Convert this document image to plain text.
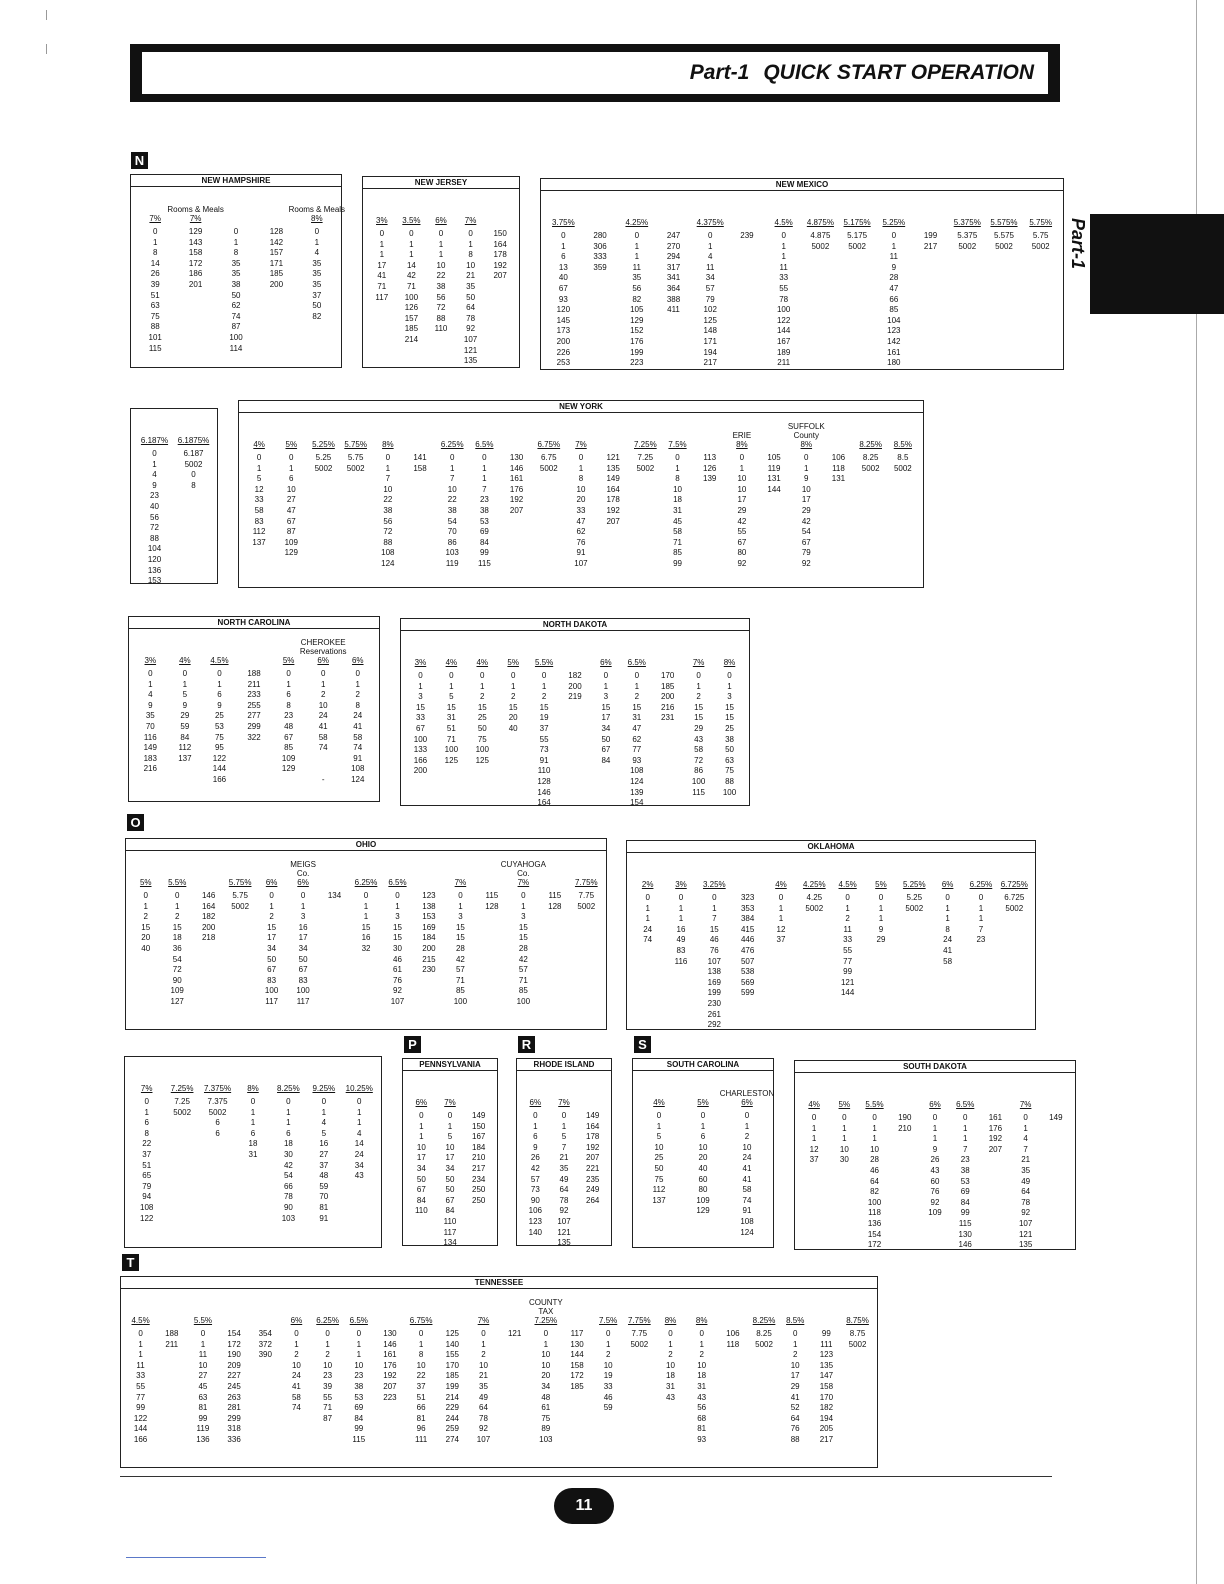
Part-1 QUICK START OPERATION
Part-1
N
O
P	R	S
T
NEW HAMPSHIRE
7%
0
1
8
14
26
39
51
63
75
88
101
115
Rooms & Meals
7%
129
143
158
172
186
201
0
1
8
35
35
38
50
62
74
87
100
114
128
142
157
171
185
200
Rooms & Meals
8%
0
1
4
35
35
35
37
50
82
NEW JERSEY
3%
0
1
1
17
41
71
117
3.5%
0
1
1
14
42
71
100
126
157
185
214
6%
0
1
1
10
22
38
56
72
88
110
7%
0
1
8
10
21
35
50
64
78
92
107
121
135
150
164
178
192
207
NEW MEXICO
3.75%
0
1
6
13
40
67
93
120
145
173
200
226
253
280
306
333
359
4.25%
0
1
1
11
35
56
82
105
129
152
176
199
223
247
270
294
317
341
364
388
411
4.375%
0
1
4
11
34
57
79
102
125
148
171
194
217
239
4.5%
0
1
1
11
33
55
78
100
122
144
167
189
211
4.875%
4.875
5002
5.175%
5.175
5002
5.25%
0
1
11
9
28
47
66
85
104
123
142
161
180
199
217
5.375%
5.375
5002
5.575%
5.575
5002
5.75%
5.75
5002
6.187%
0
1
4
9
23
40
56
72
88
104
120
136
153
6.1875%
6.187
5002
0
8
NEW YORK
4%
0
1
5
12
33
58
83
112
137
5%
0
1
6
10
27
47
67
87
109
129
5.25%
5.25
5002
5.75%
5.75
5002
8%
0
1
7
10
22
38
56
72
88
108
124
141
158
6.25%
0
1
7
10
22
38
54
70
86
103
119
6.5%
0
1
1
7
23
38
53
69
84
99
115
130
146
161
176
192
207
6.75%
6.75
5002
7%
0
1
8
10
20
33
47
62
76
91
107
121
135
149
164
178
192
207
7.25%
7.25
5002
7.5%
0
1
8
10
18
31
45
58
71
85
99
113
126
139
ERIE
8%
0
1
10
10
17
29
42
55
67
80
92
105
119
131
144
SUFFOLK
County
8%
0
1
9
10
17
29
42
54
67
79
92
106
118
131
8.25%
8.25
5002
8.5%
8.5
5002
NORTH CAROLINA
3%
0
1
4
9
35
70
116
149
183
216
4%
0
1
5
9
29
59
84
112
137
4.5%
0
1
6
9
25
53
75
95
122
144
166
188
211
233
255
277
299
322
5%
0
1
6
8
23
48
67
85
109
129
CHEROKEE
Reservations
6%
0
1
2
10
24
41
58
74
-
6%
0
1
2
8
24
41
58
74
91
108
124
NORTH DAKOTA
3%
0
1
3
15
33
67
100
133
166
200
4%
0
1
5
15
31
51
71
100
125
4%
0
1
2
15
25
50
75
100
125
5%
0
1
2
15
20
40
5.5%
0
1
2
15
19
37
55
73
91
110
128
146
164
182
200
219
6%
0
1
3
15
17
34
50
67
84
6.5%
0
1
2
15
31
47
62
77
93
108
124
139
154
170
185
200
216
231
7%
0
1
2
15
15
29
43
58
72
86
100
115
8%
0
1
3
15
15
25
38
50
63
75
88
100
OHIO
5%
0
1
2
15
20
40
5.5%
0
1
2
15
18
36
54
72
90
109
127
146
164
182
200
218
5.75%
5.75
5002
6%
0
1
2
15
17
34
50
67
83
100
117
MEIGS
Co.
6%
0
1
3
16
17
34
50
67
83
100
117
134
6.25%
0
1
1
15
16
32
6.5%
0
1
3
15
15
30
46
61
76
92
107
123
138
153
169
184
200
215
230
7%
0
1
3
15
15
28
42
57
71
85
100
115
128
CUYAHOGA
Co.
7%
0
1
3
15
15
28
42
57
71
85
100
115
128
7.75%
7.75
5002
OKLAHOMA
2%
0
1
1
24
74
3%
0
1
1
16
49
83
116
3.25%
0
1
7
15
46
76
107
138
169
199
230
261
292
323
353
384
415
446
476
507
538
569
599
4%
0
1
1
12
37
4.25%
4.25
5002
4.5%
0
1
2
11
33
55
77
99
121
144
5%
0
1
1
9
29
5.25%
5.25
5002
6%
0
1
1
8
24
41
58
6.25%
0
1
1
7
23
6.725%
6.725
5002
7%
0
1
6
8
22
37
51
65
79
94
108
122
7.25%
7.25
5002
7.375%
7.375
5002
6
6
8%
0
1
1
6
18
31
8.25%
0
1
1
6
18
30
42
54
66
78
90
103
9.25%
0
1
4
5
16
27
37
48
59
70
81
91
10.25%
0
1
1
4
14
24
34
43
PENNSYLVANIA
6%
0
1
1
10
17
34
50
67
84
110
7%
0
1
5
10
17
34
50
50
67
84
110
117
134
149
150
167
184
210
217
234
250
250
RHODE ISLAND
6%
0
1
6
9
26
42
57
73
90
106
123
140
7%
0
1
5
7
21
35
49
64
78
92
107
121
135
149
164
178
192
207
221
235
249
264
SOUTH CAROLINA
4%
0
1
5
10
25
50
75
112
137
5%
0
1
6
10
20
40
60
80
109
129
CHARLESTON
6%
0
1
2
10
24
41
41
58
74
91
108
124
SOUTH DAKOTA
4%
0
1
1
12
37
5%
0
1
1
10
30
5.5%
0
1
1
10
28
46
64
82
100
118
136
154
172
190
210
6%
0
1
1
9
26
43
60
76
92
109
6.5%
0
1
1
7
23
38
53
69
84
99
115
130
146
161
176
192
207
7%
0
1
4
7
21
35
49
64
78
92
107
121
135
149
TENNESSEE
4.5%
0
1
1
11
33
55
77
99
122
144
166
188
211
5.5%
0
1
11
10
27
45
63
81
99
119
136
154
172
190
209
227
245
263
281
299
318
336
354
372
390
6%
0
1
2
10
24
41
58
74
6.25%
0
1
2
10
23
39
55
71
87
6.5%
0
1
1
10
23
38
53
69
84
99
115
130
146
161
176
192
207
223
6.75%
0
1
8
10
22
37
51
66
81
96
111
125
140
155
170
185
199
214
229
244
259
274
7%
0
1
2
10
21
35
49
64
78
92
107
121
COUNTY
TAX
7.25%
0
1
10
10
20
34
48
61
75
89
103
117
130
144
158
172
185
7.5%
0
1
2
10
19
33
46
59
7.75%
7.75
5002
8%
0
1
2
10
18
31
43
8%
0
1
2
10
18
31
43
56
68
81
93
106
118
8.25%
8.25
5002
8.5%
0
1
2
10
17
29
41
52
64
76
88
99
111
123
135
147
158
170
182
194
205
217
8.75%
8.75
5002
11
